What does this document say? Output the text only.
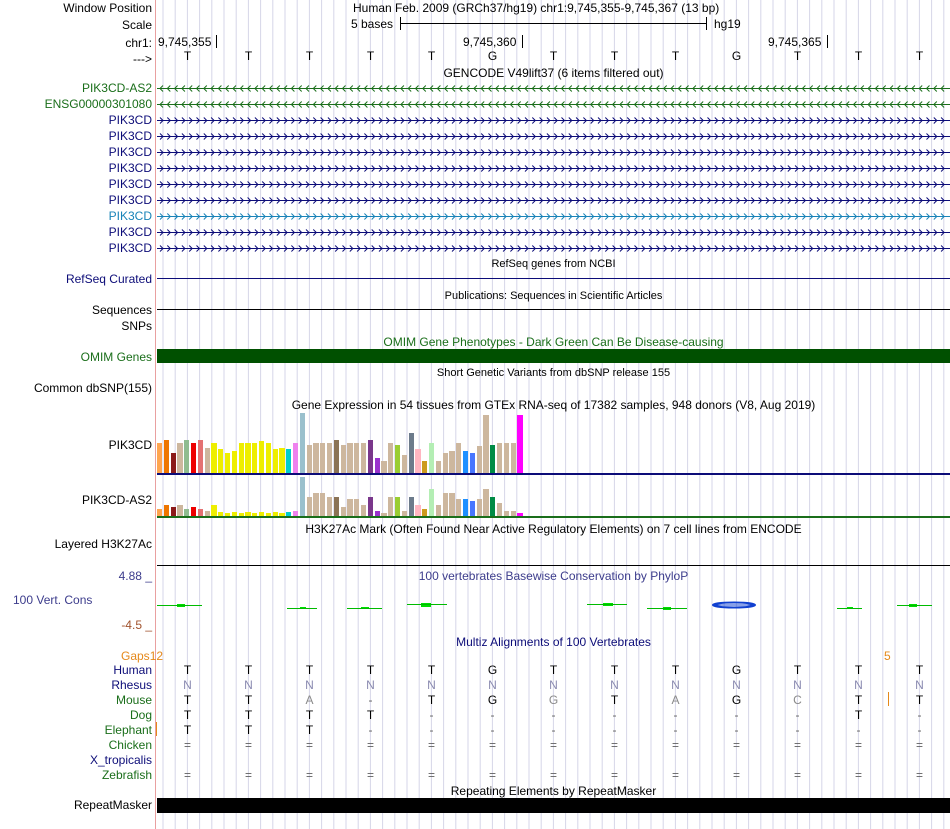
Window Position	Human Feb. 2009 (GRCh37/hg19) chr1:9,745,355-9,745,367 (13 bp)
Scale	5 bases	hg19
chr1: 9,745,355	9,745,360	9,745,365
--->
GENCODE V49lift37 (6 items filtered out)
RefSeq genes from NCBI
RefSeq Curated
Publications: Sequences in Scientific Articles
Sequences
SNPs
OMIM Gene Phenotypes - Dark Green Can Be Disease-causing
OMIM Genes
Short Genetic Variants from dbSNP release 155
Common dbSNP(155)
Gene Expression in 54 tissues from GTEx RNA-seq of 17382 samples, 948 donors (V8, Aug 2019)
PIK3CD
PIK3CD-AS2
H3K27Ac Mark (Often Found Near Active Regulatory Elements) on 7 cell lines from ENCODE
Layered H3K27Ac
4.88 _	100 vertebrates Basewise Conservation by PhyloP
100 Vert. Cons
-4.5 _
Multiz Alignments of 100 Vertebrates
Gaps12	5
Repeating Elements by RepeatMasker
RepeatMasker
T	T	T	T	T	G	T	T	T	G	T	T	T
PIK3CD-AS2
ENSG00000301080
PIK3CD
PIK3CD
PIK3CD
PIK3CD
PIK3CD
PIK3CD
PIK3CD
PIK3CD
PIK3CD
Human	T	T	T	T	T	G	T	T	T	G	T	T	T
Rhesus	N	N	N	N	N	N	N	N	N	N	N	N	N
Mouse	T	T	A	-	T	G	G	T	A	G	C	T	T
Dog	T	T	T	T	-	-	-	-	-	-	-	T	-
Elephant	T	T	T	-	-	-	-	-	-	-	-	-	-
Chicken	=	=	=	=	=	=	=	=	=	=	=	=	=
X_tropicalis
Zebrafish	=	=	=	=	=	=	=	=	=	=	=	=	=
